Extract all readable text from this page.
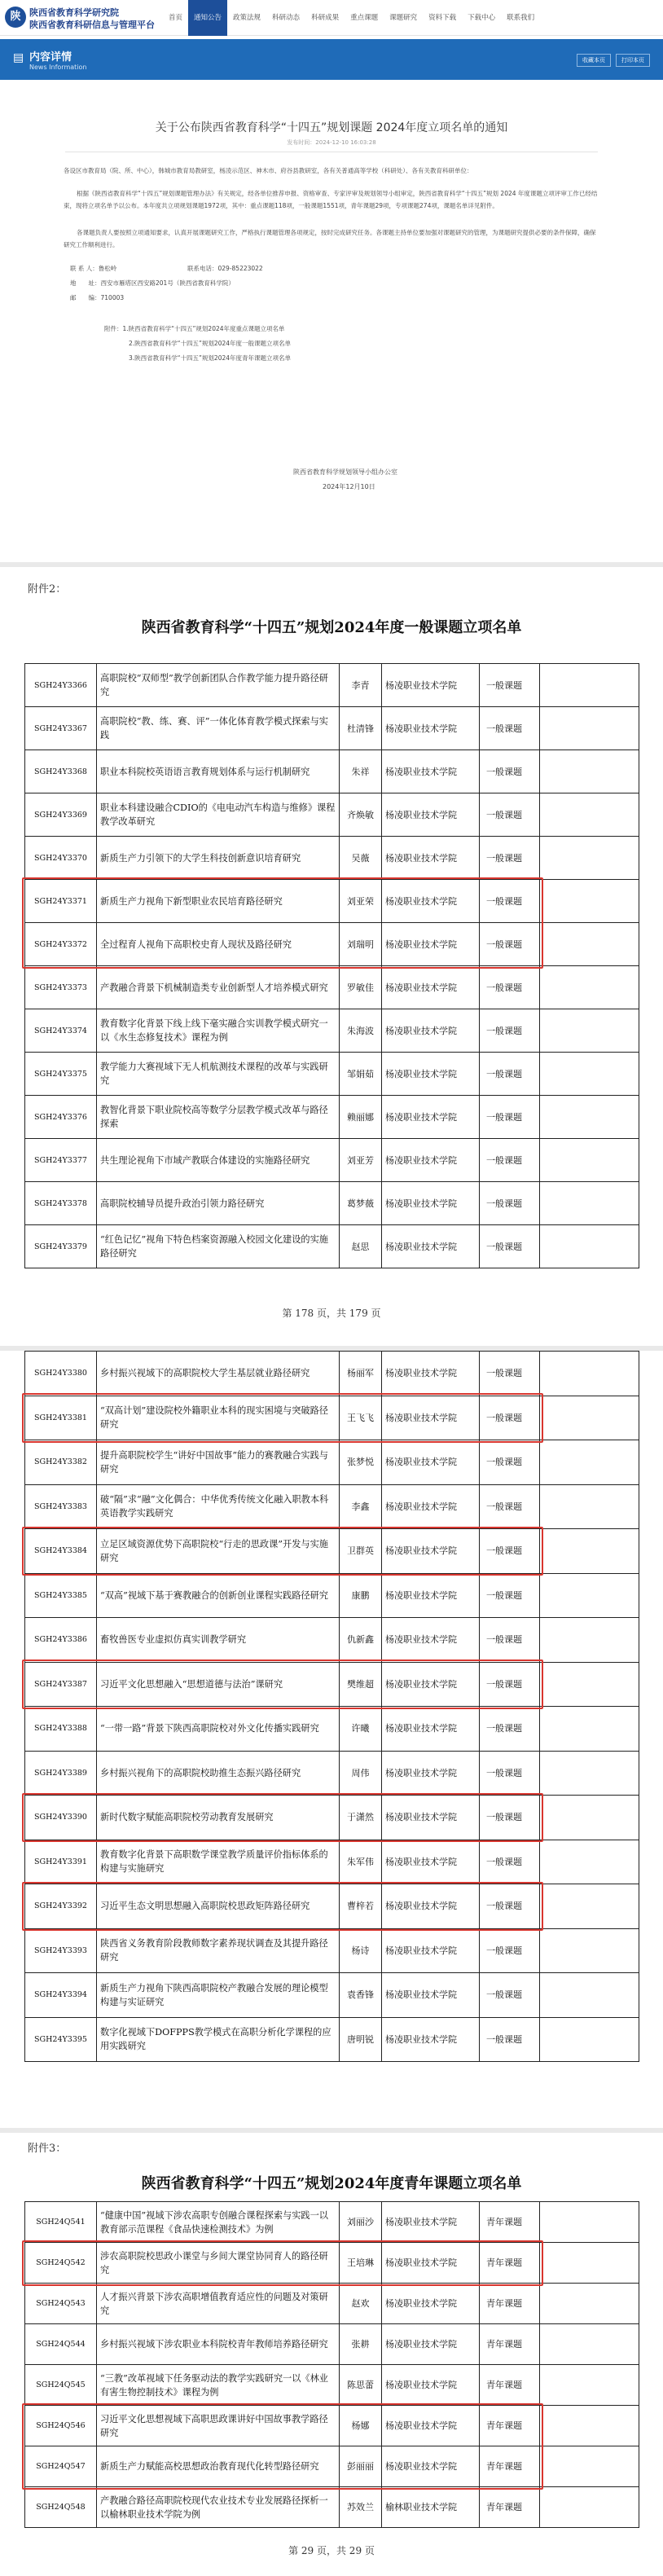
陕 陕西省教育科学研究院
陕西省教育科研信息与管理平台
首页	通知公告	政策法规	科研动态	科研成果	重点课题	课题研究	资料下载	下载中心	联系我们
▤ 内容详情
News Information
收藏本页	打印本页
关于公布陕西省教育科学“十四五”规划课题 2024年度立项名单的通知
发布时间：2024-12-10 16:03:28
各设区市教育局（院、所、中心），韩城市教育局教研室，杨凌示范区、神木市、府谷县教研室，各有关普通高等学校（科研处）、各有关教育科研单位：
根据《陕西省教育科学“十四五”规划课题管理办法》有关规定，经各单位推荐申报、资格审查、专家评审及规划领导小组审定，陕西省教育科学“十四五”规划 2024 年度课题立项评审工作已经结束，现将立项名单予以公布。本年度共立项规划课题1972项，其中：重点课题118项，一般课题1551项，青年课题29项，专项课题274项，课题名单详见附件。
各课题负责人要按照立项通知要求，认真开展课题研究工作，严格执行课题管理各项规定，按时完成研究任务。各课题主持单位要加强对课题研究的管理，为课题研究提供必要的条件保障，确保研究工作顺利进行。
联 系 人：鲁松岭	联系电话：029-85223022
地　　址：西安市雁塔区西安路201号（陕西省教育科学院）
邮　　编：710003
附件：1.陕西省教育科学“十四五”规划2024年度重点课题立项名单
2.陕西省教育科学“十四五”规划2024年度一般课题立项名单
3.陕西省教育科学“十四五”规划2024年度青年课题立项名单
陕西省教育科学规划领导小组办公室
2024年12月10日
附件2：
陕西省教育科学“十四五”规划2024年度一般课题立项名单
SGH24Y3366	高职院校“双师型”教学创新团队合作教学能力提升路径研究	李青	杨凌职业技术学院	一般课题	
SGH24Y3367	高职院校“教、练、赛、评”一体化体育教学模式探索与实践	杜清锋	杨凌职业技术学院	一般课题	
SGH24Y3368	职业本科院校英语语言教育规划体系与运行机制研究	朱祥	杨凌职业技术学院	一般课题	
SGH24Y3369	职业本科建设融合CDIO的《电电动汽车构造与维修》课程教学改革研究	齐焕敏	杨凌职业技术学院	一般课题	
SGH24Y3370	新质生产力引领下的大学生科技创新意识培育研究	吴薇	杨凌职业技术学院	一般课题	
SGH24Y3371	新质生产力视角下新型职业农民培育路径研究	刘亚荣	杨凌职业技术学院	一般课题	
SGH24Y3372	全过程育人视角下高职校史育人现状及路径研究	刘瑞明	杨凌职业技术学院	一般课题	
SGH24Y3373	产教融合背景下机械制造类专业创新型人才培养模式研究	罗敏佳	杨凌职业技术学院	一般课题	
SGH24Y3374	教育数字化背景下线上线下毫实融合实训教学模式研究一以《水生态修复技术》课程为例	朱海波	杨凌职业技术学院	一般课题	
SGH24Y3375	教学能力大赛视域下无人机航测技术课程的改革与实践研究	邹娟茹	杨凌职业技术学院	一般课题	
SGH24Y3376	教智化背景下职业院校高等数学分层教学模式改革与路径探索	赖丽娜	杨凌职业技术学院	一般课题	
SGH24Y3377	共生理论视角下市域产教联合体建设的实施路径研究	刘亚芳	杨凌职业技术学院	一般课题	
SGH24Y3378	高职院校辅导员提升政治引领力路径研究	葛梦薇	杨凌职业技术学院	一般课题	
SGH24Y3379	“红色记忆”视角下特色档案资源融入校园文化建设的实施路径研究	赵思	杨凌职业技术学院	一般课题	
第 178 页，共 179 页
SGH24Y3380	乡村振兴视域下的高职院校大学生基层就业路径研究	杨丽军	杨凌职业技术学院	一般课题	
SGH24Y3381	“双高计划”建设院校外籍职业本科的现实困境与突破路径研究	王飞飞	杨凌职业技术学院	一般课题	
SGH24Y3382	提升高职院校学生“讲好中国故事”能力的赛教融合实践与研究	张梦悦	杨凌职业技术学院	一般课题	
SGH24Y3383	破“隔”求“融”文化偶合：中华优秀传统文化融入职教本科英语教学实践研究	李鑫	杨凌职业技术学院	一般课题	
SGH24Y3384	立足区域资源优势下高职院校“行走的思政课”开发与实施研究	卫群英	杨凌职业技术学院	一般课题	
SGH24Y3385	“双高”视域下基于赛教融合的创新创业课程实践路径研究	康鹏	杨凌职业技术学院	一般课题	
SGH24Y3386	畜牧兽医专业虚拟仿真实训教学研究	仇新鑫	杨凌职业技术学院	一般课题	
SGH24Y3387	习近平文化思想融入“思想道德与法治”课研究	樊维超	杨凌职业技术学院	一般课题	
SGH24Y3388	“一带一路”背景下陕西高职院校对外文化传播实践研究	许曦	杨凌职业技术学院	一般课题	
SGH24Y3389	乡村振兴视角下的高职院校助推生态振兴路径研究	周伟	杨凌职业技术学院	一般课题	
SGH24Y3390	新时代数字赋能高职院校劳动教育发展研究	于潇然	杨凌职业技术学院	一般课题	
SGH24Y3391	教育数字化背景下高职数学课堂教学质量评价指标体系的构建与实施研究	朱军伟	杨凌职业技术学院	一般课题	
SGH24Y3392	习近平生态文明思想融入高职院校思政矩阵路径研究	曹梓若	杨凌职业技术学院	一般课题	
SGH24Y3393	陕西省义务教育阶段教师数字素养现状调查及其提升路径研究	杨诗	杨凌职业技术学院	一般课题	
SGH24Y3394	新质生产力视角下陕西高职院校产教融合发展的理论模型构建与实证研究	袁香锋	杨凌职业技术学院	一般课题	
SGH24Y3395	数字化视域下DOFPPS教学模式在高职分析化学课程的应用实践研究	唐明锐	杨凌职业技术学院	一般课题	
附件3：
陕西省教育科学“十四五”规划2024年度青年课题立项名单
SGH24Q541	“健康中国”视域下涉农高职专创融合课程探索与实践一以教育部示范课程《食品快速检测技术》为例	刘丽沙	杨凌职业技术学院	青年课题	
SGH24Q542	涉农高职院校思政小课堂与乡间大课堂协同育人的路径研究	王培琳	杨凌职业技术学院	青年课题	
SGH24Q543	人才振兴背景下涉农高职增值教育适应性的问题及对策研究	赵欢	杨凌职业技术学院	青年课题	
SGH24Q544	乡村振兴视域下涉农职业本科院校青年教师培养路径研究	张耕	杨凌职业技术学院	青年课题	
SGH24Q545	“三教”改革视域下任务驱动法的教学实践研究一以《林业有害生物控制技术》课程为例	陈思蕾	杨凌职业技术学院	青年课题	
SGH24Q546	习近平文化思想视域下高职思政课讲好中国故事教学路径研究	杨娜	杨凌职业技术学院	青年课题	
SGH24Q547	新质生产力赋能高校思想政治教育现代化转型路径研究	彭丽丽	杨凌职业技术学院	青年课题	
SGH24Q548	产教融合路径高职院校现代农业技术专业发展路径探析一以榆林职业技术学院为例	苏效兰	榆林职业技术学院	青年课题	
第 29 页，共 29 页
